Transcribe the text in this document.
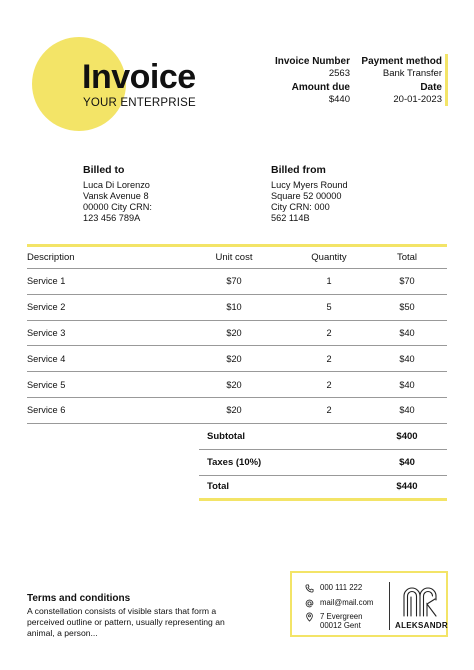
Invoice
YOUR ENTERPRISE
Invoice Number
2563
Amount due
$440
Payment method
Bank Transfer
Date
20-01-2023
Billed to
Luca Di Lorenzo
Vansk Avenue 8
00000 City CRN:
123 456 789A
Billed from
Lucy Myers Round
Square 52 00000
City CRN: 000
562 114B
Description	Unit cost	Quantity	Total
Service 1	$70	1	$70
Service 2	$10	5	$50
Service 3	$20	2	$40
Service 4	$20	2	$40
Service 5	$20	2	$40
Service 6	$20	2	$40
Subtotal	$400
Taxes (10%)	$40
Total	$440
Terms and conditions
A constellation consists of visible stars that form a perceived outline or pattern, usually representing an animal, a person...
000 111 222
mail@mail.com
7 Evergreen
00012 Gent	ALEKSANDR
